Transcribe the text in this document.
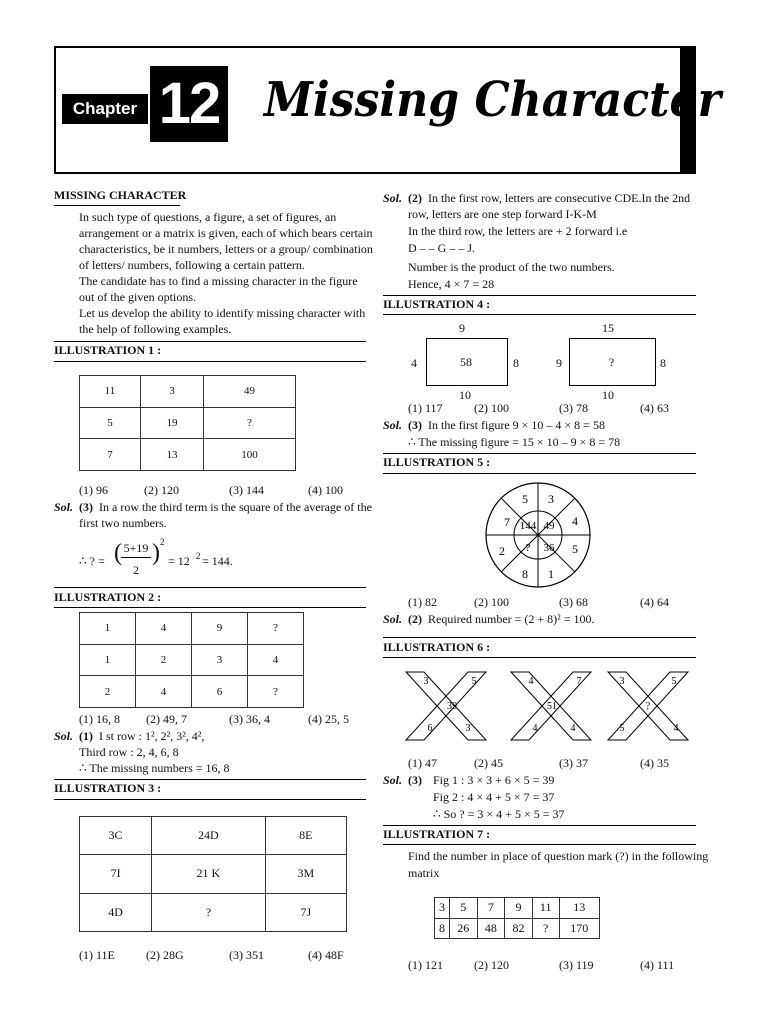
Chapter 12 Missing Character
MISSING CHARACTER
In such type of questions, a figure, a set of figures, an
arrangement or a matrix is given, each of which bears certain
characteristics, be it numbers, letters or a group/ combination
of letters/ numbers, following a certain pattern.
The candidate has to find a missing character in the figure
out of the given options.
Let us develop the ability to identify missing character with
the help of following examples.
ILLUSTRATION 1 :
11	3	49
5	19	?
7	13	100
(1) 96	(2) 120	(3) 144	(4) 100
Sol. (3) In a row the third term is the square of the average of the
first two numbers.
∴ ? = ( 5+19
2
) 2
= 12 2 = 144.
ILLUSTRATION 2 :
1	4	9	?
1	2	3	4
2	4	6	?
(1) 16, 8 (2) 49, 7	(3) 36, 4	(4) 25, 5
Sol. (1) I st row : 1², 2², 3², 4²,
Third row : 2, 4, 6, 8
∴ The missing numbers = 16, 8
ILLUSTRATION 3 :
3C	24D	8E
7I	21 K	3M
4D	?	7J
(1) 11E	(2) 28G	(3) 351	(4) 48F
Sol. (2) In the first row, letters are consecutive CDE.In the 2nd
row, letters are one step forward I-K-M
In the third row, the letters are + 2 forward i.e
D – – G – – J.
Number is the product of the two numbers.
Hence, 4 × 7 = 28
ILLUSTRATION 4 :
9
4	58	8
10
15
9	?	8
10
(1) 117	(2) 100	(3) 78	(4) 63
Sol. (3) In the first figure 9 × 10 – 4 × 8 = 58
∴ The missing figure = 15 × 10 – 9 × 8 = 78
ILLUSTRATION 5 :
5 3
4
5
1
8
2
7 144 49
36
?
(1) 82	(2) 100	(3) 68	(4) 64
Sol. (2) Required number = (2 + 8)² = 100.
ILLUSTRATION 6 :
3	5
6	3
39
4	7
4	4
51
3	5
5	4
?
(1) 47	(2) 45	(3) 37	(4) 35
Sol. (3) Fig 1 : 3 × 3 + 6 × 5 = 39
Fig 2 : 4 × 4 + 5 × 7 = 37
∴ So ? = 3 × 4 + 5 × 5 = 37
ILLUSTRATION 7 :
Find the number in place of question mark (?) in the following
matrix
3	5	7	9	11	13
8	26	48	82	?	170
(1) 121	(2) 120	(3) 119	(4) 111
